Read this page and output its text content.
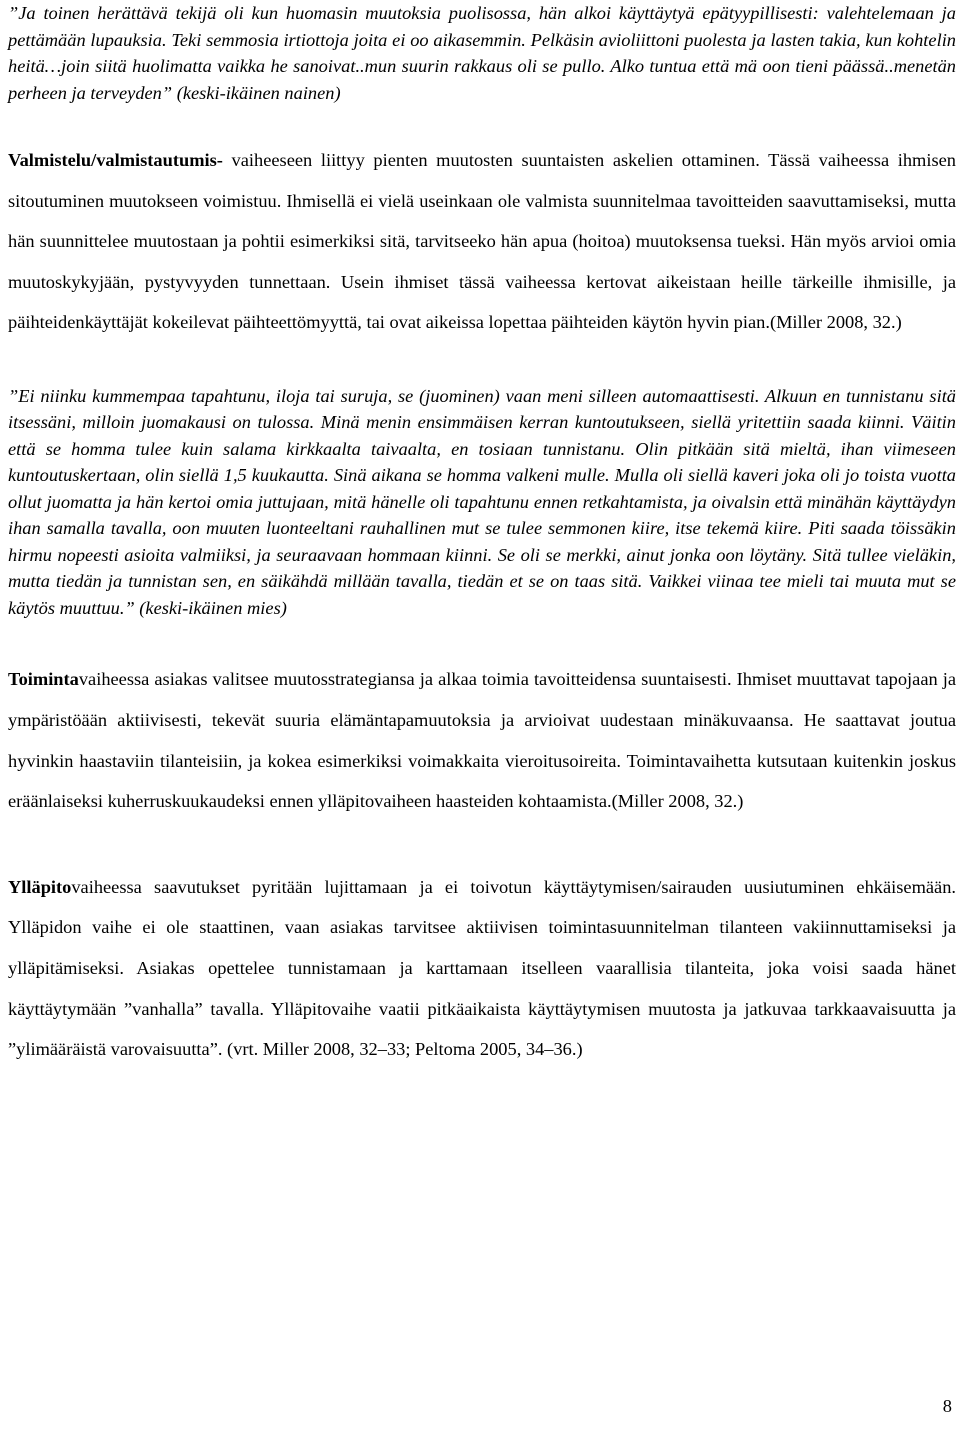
”Ja toinen herättävä tekijä oli kun huomasin muutoksia puolisossa, hän alkoi käyttäytyä epätyypillisesti: valehtelemaan ja pettämään lupauksia. Teki semmosia irtiottoja joita ei oo aikasemmin. Pelkäsin avioliittoni puolesta ja lasten takia, kun kohtelin heitä…join siitä huolimatta vaikka he sanoivat..mun suurin rakkaus oli se pullo. Alko tuntua että mä oon tieni päässä..menetän perheen ja terveyden” (keski-ikäinen nainen)

Valmistelu/valmistautumis- vaiheeseen liittyy pienten muutosten suuntaisten askelien ottaminen. Tässä vaiheessa ihmisen sitoutuminen muutokseen voimistuu. Ihmisellä ei vielä useinkaan ole valmista suunnitelmaa tavoitteiden saavuttamiseksi, mutta hän suunnittelee muutostaan ja pohtii esimerkiksi sitä, tarvitseeko hän apua (hoitoa) muutoksensa tueksi. Hän myös arvioi omia muutoskykyjään, pystyvyyden tunnettaan. Usein ihmiset tässä vaiheessa kertovat aikeistaan heille tärkeille ihmisille, ja päihteidenkäyttäjät kokeilevat päihteettömyyttä, tai ovat aikeissa lopettaa päihteiden käytön hyvin pian.(Miller 2008, 32.)

”Ei niinku kummempaa tapahtunu, iloja tai suruja, se (juominen) vaan meni silleen automaattisesti. Alkuun en tunnistanu sitä itsessäni, milloin juomakausi on tulossa. Minä menin ensimmäisen kerran kuntoutukseen, siellä yritettiin saada kiinni. Väitin että se homma tulee kuin salama kirkkaalta taivaalta, en tosiaan tunnistanu. Olin pitkään sitä mieltä, ihan viimeseen kuntoutuskertaan, olin siellä 1,5 kuukautta. Sinä aikana se homma valkeni mulle. Mulla oli siellä kaveri joka oli jo toista vuotta ollut juomatta ja hän kertoi omia juttujaan, mitä hänelle oli tapahtunu ennen retkahtamista, ja oivalsin että minähän käyttäydyn ihan samalla tavalla, oon muuten luonteeltani rauhallinen mut se tulee semmonen kiire, itse tekemä kiire. Piti saada töissäkin hirmu nopeesti asioita valmiiksi, ja seuraavaan hommaan kiinni. Se oli se merkki, ainut jonka oon löytäny. Sitä tullee vieläkin, mutta tiedän ja tunnistan sen, en säikähdä millään tavalla, tiedän et se on taas sitä. Vaikkei viinaa tee mieli tai muuta mut se käytös muuttuu.” (keski-ikäinen mies)

Toimintavaiheessa asiakas valitsee muutosstrategiansa ja alkaa toimia tavoitteidensa suuntaisesti. Ihmiset muuttavat tapojaan ja ympäristöään aktiivisesti, tekevät suuria elämäntapamuutoksia ja arvioivat uudestaan minäkuvaansa. He saattavat joutua hyvinkin haastaviin tilanteisiin, ja kokea esimerkiksi voimakkaita vieroitusoireita. Toimintavaihetta kutsutaan kuitenkin joskus eräänlaiseksi kuherruskuukaudeksi ennen ylläpitovaiheen haasteiden kohtaamista.(Miller 2008, 32.)

Ylläpitovaiheessa saavutukset pyritään lujittamaan ja ei toivotun käyttäytymisen/sairauden uusiutuminen ehkäisemään. Ylläpidon vaihe ei ole staattinen, vaan asiakas tarvitsee aktiivisen toimintasuunnitelman tilanteen vakiinnuttamiseksi ja ylläpitämiseksi. Asiakas opettelee tunnistamaan ja karttamaan itselleen vaarallisia tilanteita, joka voisi saada hänet käyttäytymään ”vanhalla” tavalla. Ylläpitovaihe vaatii pitkäaikaista käyttäytymisen muutosta ja jatkuvaa tarkkaavaisuutta ja ”ylimääräistä varovaisuutta”. (vrt. Miller 2008, 32–33; Peltoma 2005, 34–36.)

8
